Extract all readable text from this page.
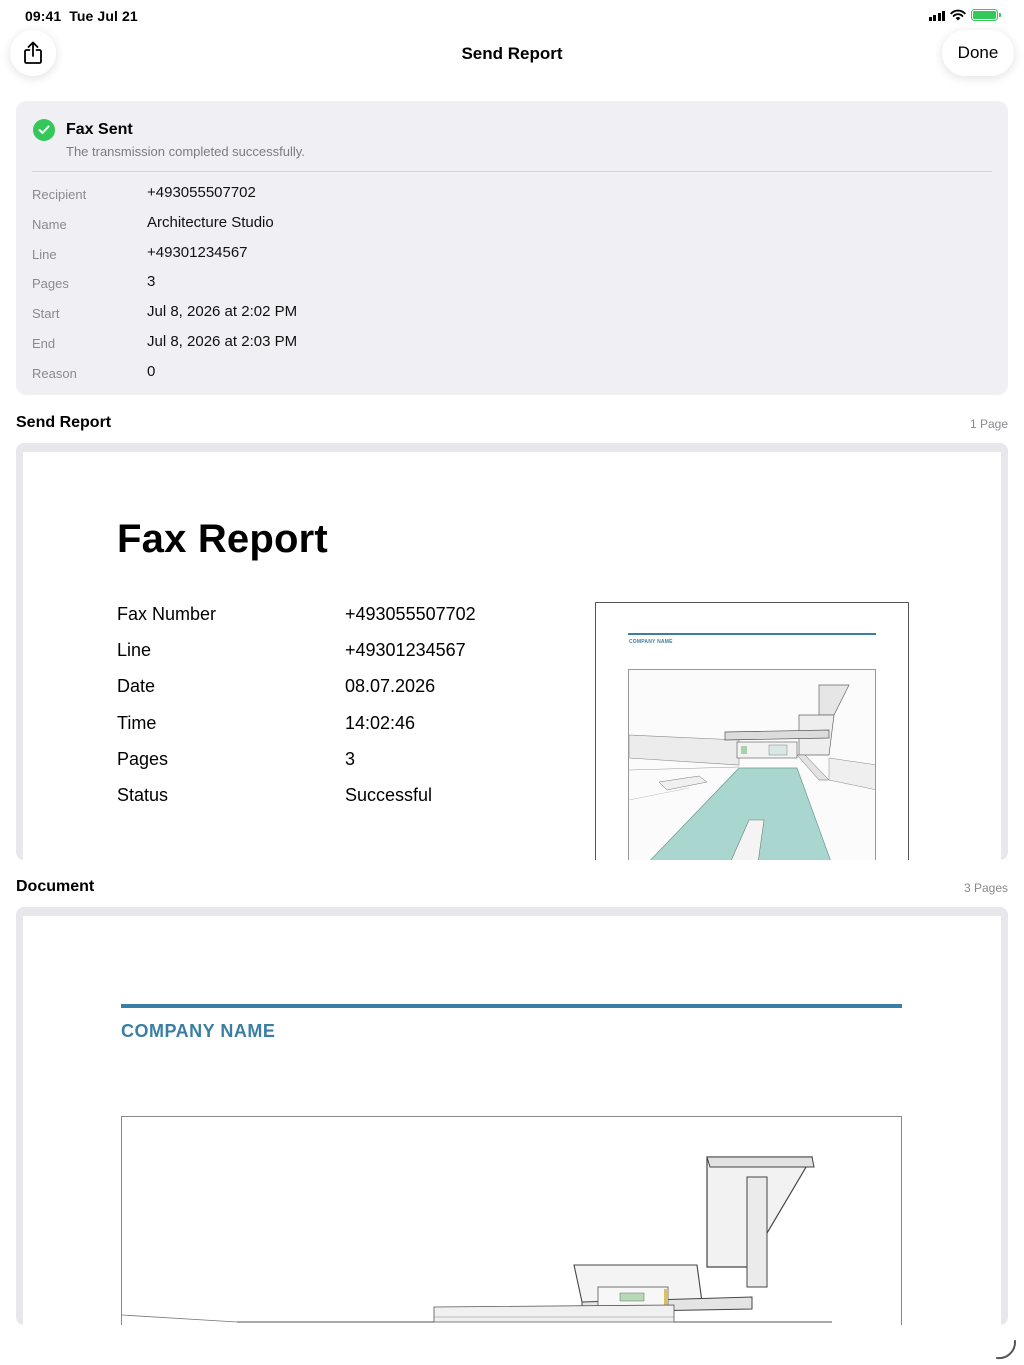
09:41 Tue Jul 21
Send Report	Done
Fax Sent
The transmission completed successfully.
Recipient	+493055507702
Name	Architecture Studio
Line	+49301234567
Pages	3
Start	Jul 8, 2026 at 2:02 PM
End	Jul 8, 2026 at 2:03 PM
Reason	0
Send Report	1 Page
Fax Report
Fax Number	+493055507702
Line	+49301234567
Date	08.07.2026
Time	14:02:46
Pages	3
Status	Successful
COMPANY NAME
Document	3 Pages
COMPANY NAME
